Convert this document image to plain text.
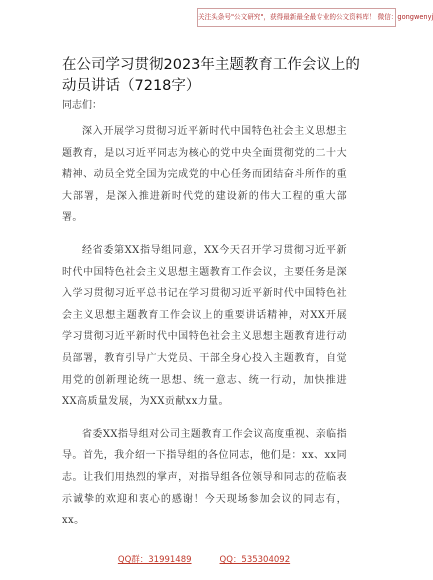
关注头条号"公文研究"，获得最新最全最专业的公文资料库！ 微信：gongwenyj
在公司学习贯彻2023年主题教育工作会议上的动员讲话（7218字）
同志们：

深入开展学习贯彻习近平新时代中国特色社会主义思想主题教育，是以习近平同志为核心的党中央全面贯彻党的二十大精神、动员全党全国为完成党的中心任务而团结奋斗所作的重大部署，是深入推进新时代党的建设新的伟大工程的重大部署。

经省委第XX指导组同意，XX今天召开学习贯彻习近平新时代中国特色社会主义思想主题教育工作会议，主要任务是深入学习贯彻习近平总书记在学习贯彻习近平新时代中国特色社会主义思想主题教育工作会议上的重要讲话精神，对XX开展学习贯彻习近平新时代中国特色社会主义思想主题教育进行动员部署，教育引导广大党员、干部全身心投入主题教育，自觉用党的创新理论统一思想、统一意志、统一行动，加快推进XX高质量发展，为XX贡献xx力量。

省委XX指导组对公司主题教育工作会议高度重视、亲临指导。首先，我介绍一下指导组的各位同志，他们是：xx、xx同志。让我们用热烈的掌声，对指导组各位领导和同志的莅临表示诚挚的欢迎和衷心的感谢！今天现场参加会议的同志有，xx。

QQ群：31991489	QQ：535304092
